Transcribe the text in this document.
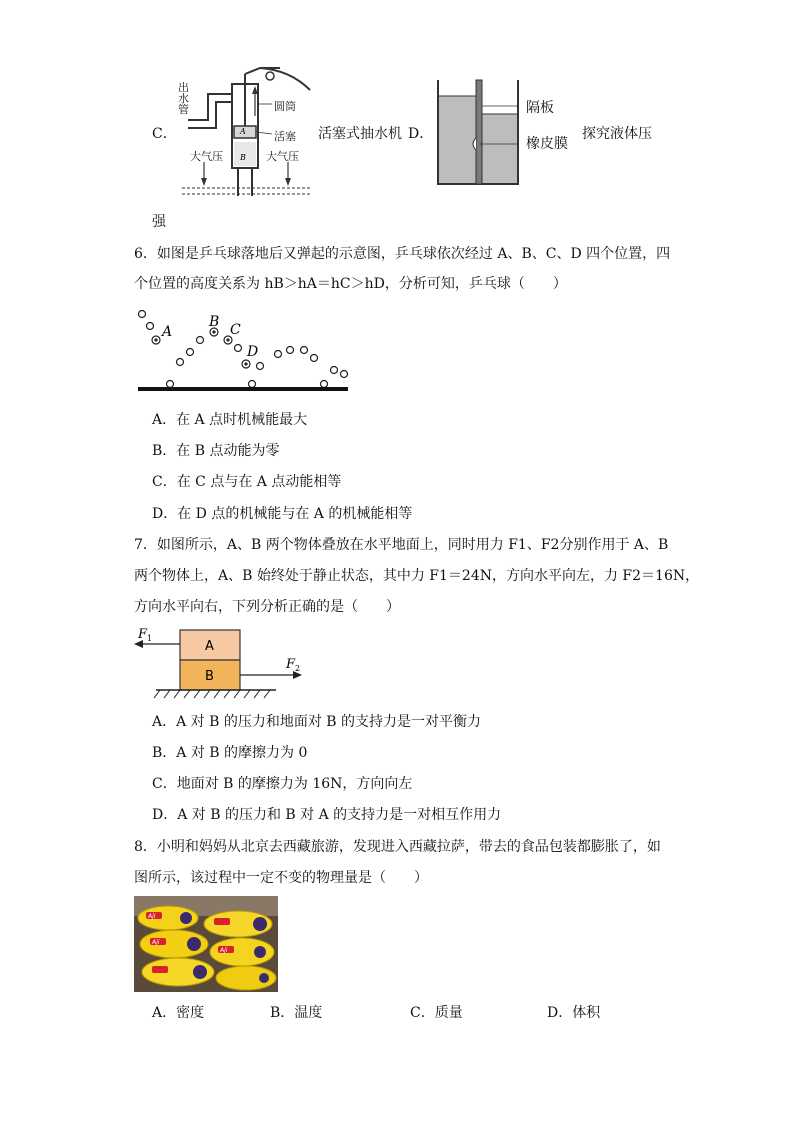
C．	A
B
出水管	圆筒
活塞
大气压	大气压
活塞式抽水机 D．
隔板
橡皮膜
探究液体压
强
6．如图是乒乓球落地后又弹起的示意图，乒乓球依次经过 A、B、C、D 四个位置，四
个位置的高度关系为 hB＞hA＝hC＞hD，分析可知，乒乓球（　　）
A
B C
D
A．在 A 点时机械能最大
B．在 B 点动能为零
C．在 C 点与在 A 点动能相等
D．在 D 点的机械能与在 A 的机械能相等
7．如图所示，A、B 两个物体叠放在水平地面上，同时用力 F1、F2分别作用于 A、B
两个物体上，A、B 始终处于静止状态，其中力 F1＝24N，方向水平向左，力 F2＝16N，
方向水平向右，下列分析正确的是（　　）
A
B
F 1
F 2
A．A 对 B 的压力和地面对 B 的支持力是一对平衡力
B．A 对 B 的摩擦力为 0
C．地面对 B 的摩擦力为 16N，方向向左
D．A 对 B 的压力和 B 对 A 的支持力是一对相互作用力
8．小明和妈妈从北京去西藏旅游，发现进入西藏拉萨，带去的食品包装都膨胀了，如
图所示，该过程中一定不变的物理量是（　　）
Aji
Aji
Aji
A．密度	B．温度	C．质量	D．体积
